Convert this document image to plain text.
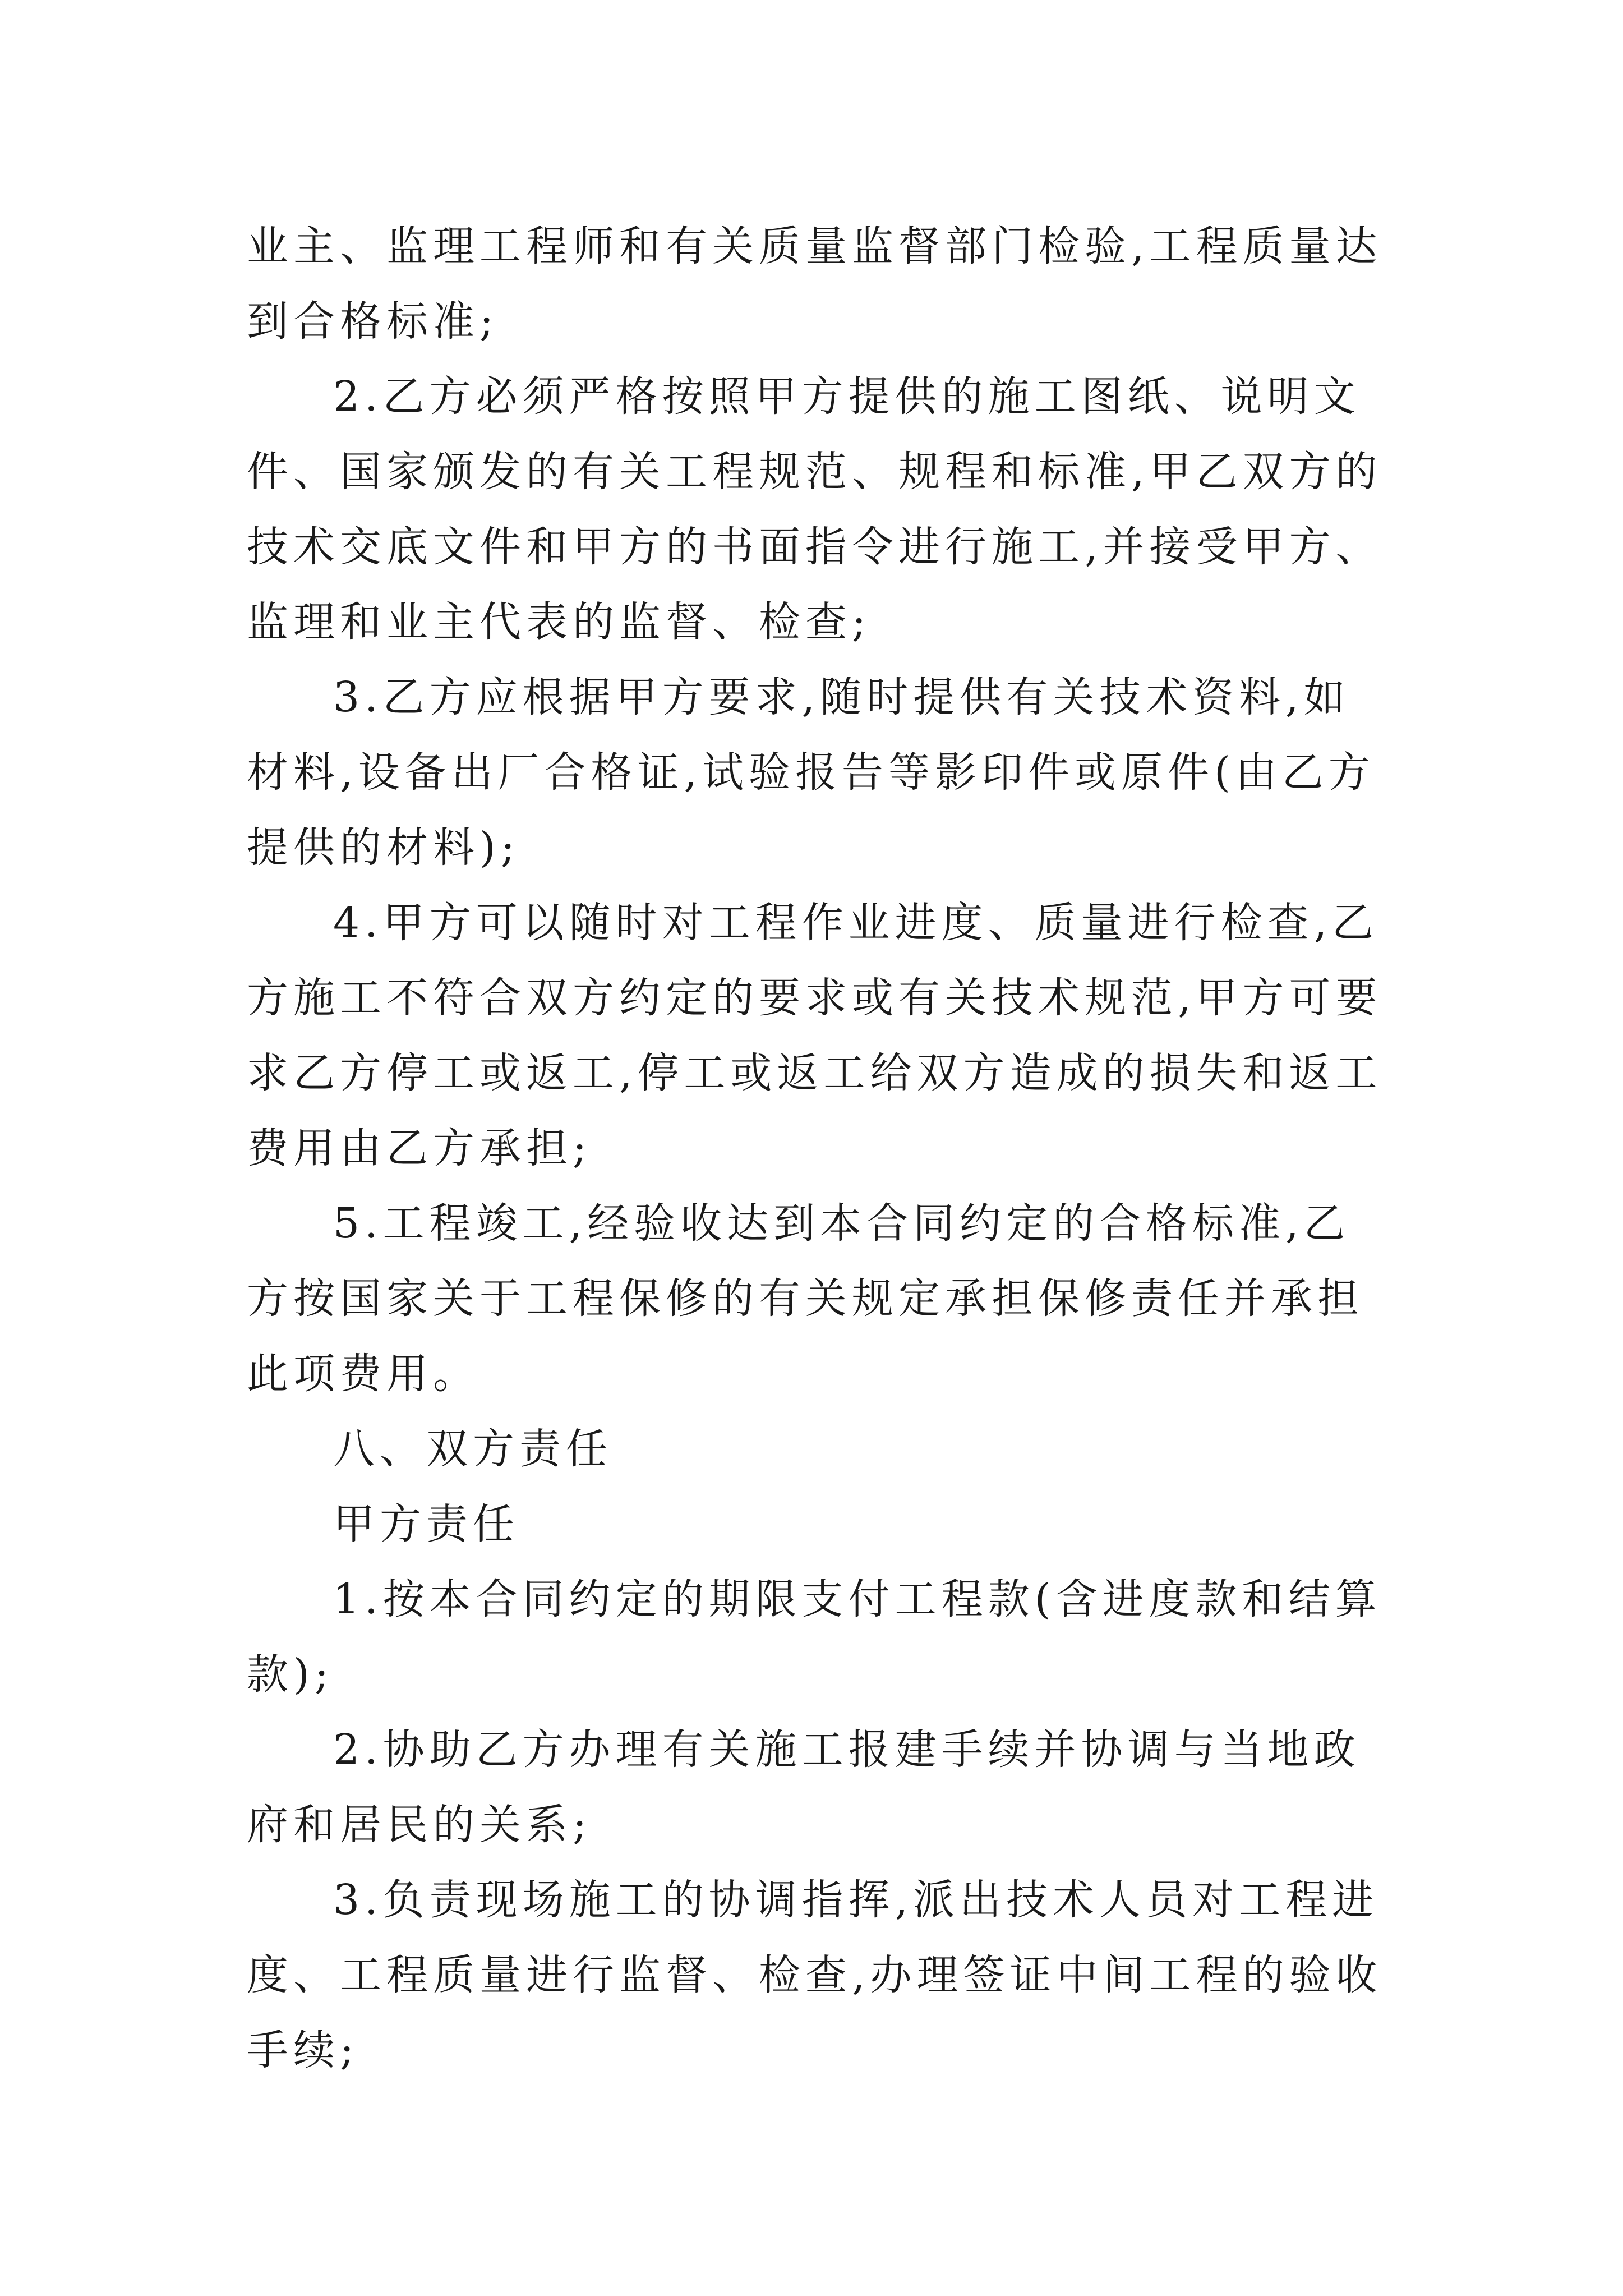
业主、监理工程师和有关质量监督部门检验,工程质量达到合格标准;

2.乙方必须严格按照甲方提供的施工图纸、说明文件、国家颁发的有关工程规范、规程和标准,甲乙双方的技术交底文件和甲方的书面指令进行施工,并接受甲方、监理和业主代表的监督、检查;

3.乙方应根据甲方要求,随时提供有关技术资料,如材料,设备出厂合格证,试验报告等影印件或原件(由乙方提供的材料);

4.甲方可以随时对工程作业进度、质量进行检查,乙方施工不符合双方约定的要求或有关技术规范,甲方可要求乙方停工或返工,停工或返工给双方造成的损失和返工费用由乙方承担;

5.工程竣工,经验收达到本合同约定的合格标准,乙方按国家关于工程保修的有关规定承担保修责任并承担此项费用。

八、双方责任

甲方责任

1.按本合同约定的期限支付工程款(含进度款和结算款);

2.协助乙方办理有关施工报建手续并协调与当地政府和居民的关系;

3.负责现场施工的协调指挥,派出技术人员对工程进度、工程质量进行监督、检查,办理签证中间工程的验收手续;
